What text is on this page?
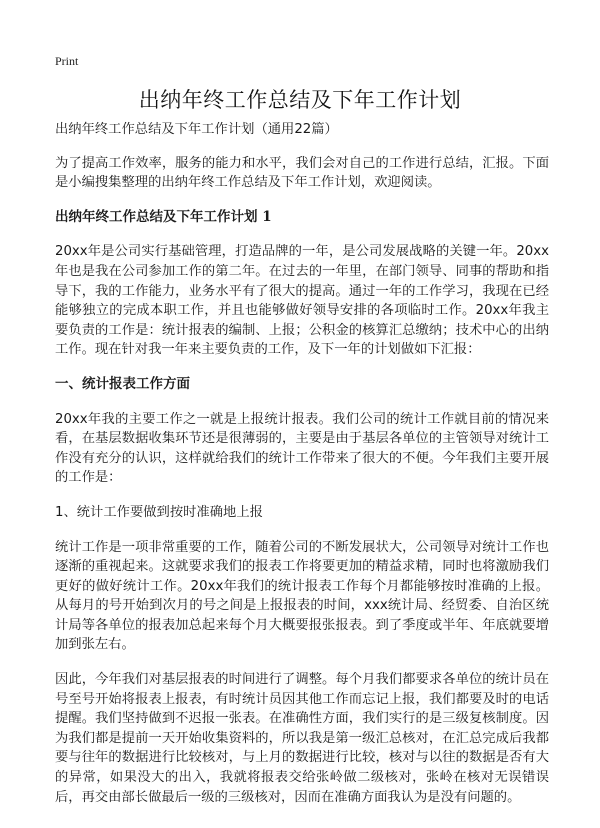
Print
出纳年终工作总结及下年工作计划

出纳年终工作总结及下年工作计划（通用22篇）

为了提高工作效率，服务的能力和水平，我们会对自己的工作进行总结，汇报。下面是小编搜集整理的出纳年终工作总结及下年工作计划，欢迎阅读。

出纳年终工作总结及下年工作计划 1

20xx年是公司实行基础管理，打造品牌的一年，是公司发展战略的关键一年。20xx年也是我在公司参加工作的第二年。在过去的一年里，在部门领导、同事的帮助和指导下，我的工作能力，业务水平有了很大的提高。通过一年的工作学习，我现在已经能够独立的完成本职工作，并且也能够做好领导安排的各项临时工作。20xx年我主要负责的工作是：统计报表的编制、上报；公积金的核算汇总缴纳；技术中心的出纳工作。现在针对我一年来主要负责的工作，及下一年的计划做如下汇报：

一、统计报表工作方面

20xx年我的主要工作之一就是上报统计报表。我们公司的统计工作就目前的情况来看，在基层数据收集环节还是很薄弱的，主要是由于基层各单位的主管领导对统计工作没有充分的认识，这样就给我们的统计工作带来了很大的不便。今年我们主要开展的工作是：

1、统计工作要做到按时准确地上报

统计工作是一项非常重要的工作，随着公司的不断发展状大，公司领导对统计工作也逐渐的重视起来。这就要求我们的报表工作将要更加的精益求精，同时也将激励我们更好的做好统计工作。20xx年我们的统计报表工作每个月都能够按时准确的上报。从每月的号开始到次月的号之间是上报报表的时间，xxx统计局、经贸委、自治区统计局等各单位的报表加总起来每个月大概要报张报表。到了季度或半年、年底就要增加到张左右。

因此，今年我们对基层报表的时间进行了调整。每个月我们都要求各单位的统计员在号至号开始将报表上报表，有时统计员因其他工作而忘记上报，我们都要及时的电话提醒。我们坚持做到不迟报一张表。在准确性方面，我们实行的是三级复核制度。因为我们都是提前一天开始收集资料的，所以我是第一级汇总核对，在汇总完成后我都要与往年的数据进行比较核对，与上月的数据进行比较，核对与以往的数据是否有大的异常，如果没大的出入，我就将报表交给张岭做二级核对，张岭在核对无误错误后，再交由部长做最后一级的三级核对，因而在准确方面我认为是没有问题的。
